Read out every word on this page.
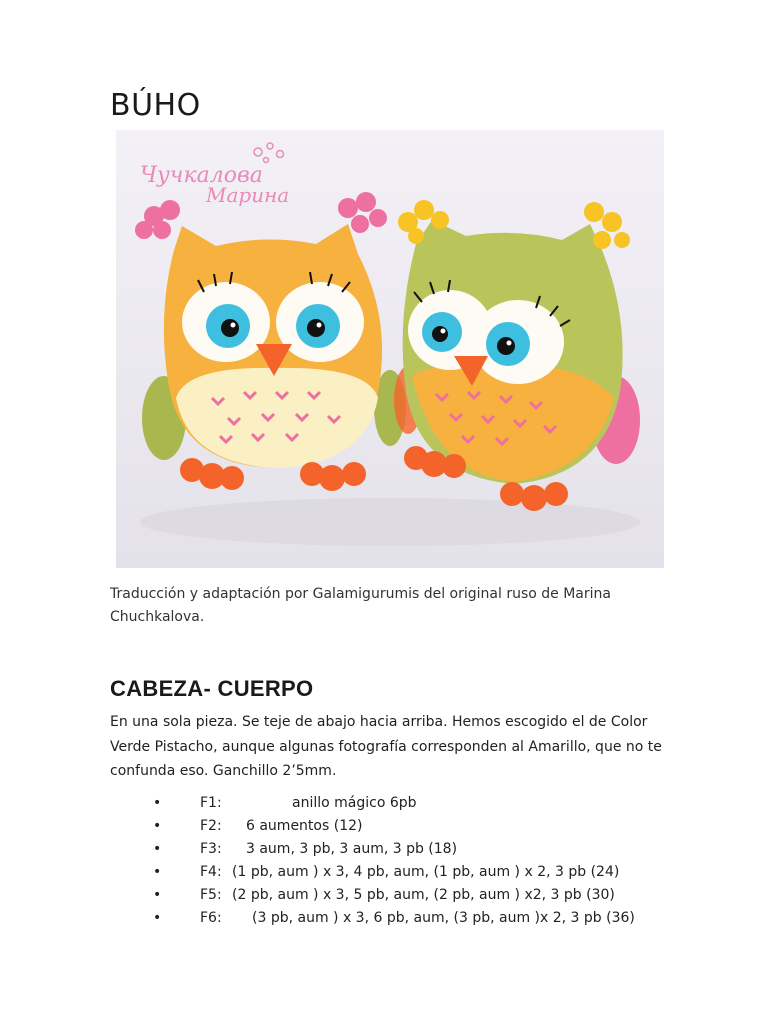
BÚHO
Чучкалова
Марина

Traducción y adaptación por Galamigurumis del original ruso de Marina Chuchkalova.

CABEZA- CUERPO

En una sola pieza. Se teje de abajo hacia arriba. Hemos escogido el de Color Verde Pistacho, aunque algunas fotografía corresponden al Amarillo, que no te confunda eso. Ganchillo 2’5mm.

•	F1:	anillo mágico 6pb
•	F2: 6 aumentos (12)
•	F3: 3 aum, 3 pb, 3 aum, 3 pb (18)
•	F4: (1 pb, aum ) x 3, 4 pb, aum, (1 pb, aum ) x 2, 3 pb (24)
•	F5: (2 pb, aum ) x 3, 5 pb, aum, (2 pb, aum ) x2, 3 pb (30)
•	F6: (3 pb, aum ) x 3, 6 pb, aum, (3 pb, aum )x 2, 3 pb (36)
